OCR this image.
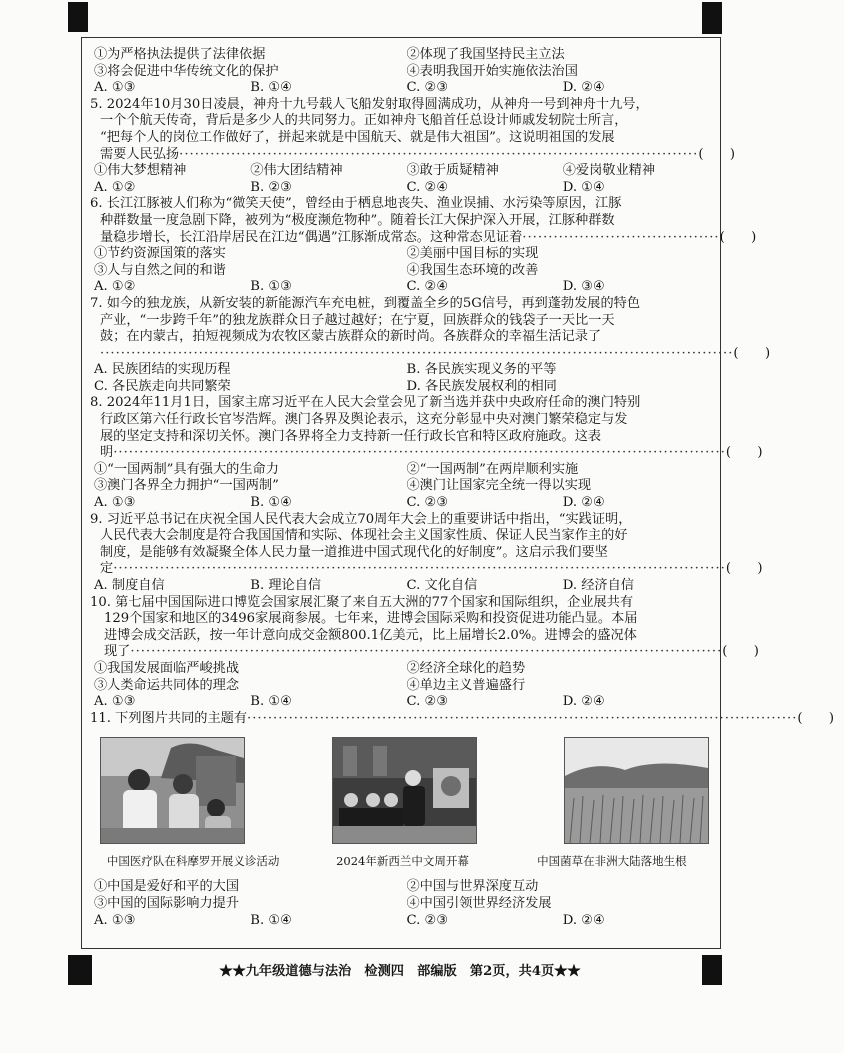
①为严格执法提供了法律依据	②体现了我国坚持民主立法
③将会促进中华传统文化的保护	④表明我国开始实施依法治国
A. ①③	B. ①④	C. ②③	D. ②④
5. 2024年10月30日凌晨，神舟十九号载人飞船发射取得圆满成功，从神舟一号到神舟十九号，
一个个航天传奇，背后是多少人的共同努力。正如神舟飞船首任总设计师戚发轫院士所言，
“把每个人的岗位工作做好了，拼起来就是中国航天、就是伟大祖国”。这说明祖国的发展
需要人民弘扬 ···································································································· (　　)
①伟大梦想精神	②伟大团结精神	③敢于质疑精神	④爱岗敬业精神
A. ①②	B. ②③	C. ②④	D. ①④
6. 长江江豚被人们称为“微笑天使”，曾经由于栖息地丧失、渔业误捕、水污染等原因，江豚
种群数量一度急剧下降，被列为“极度濒危物种”。随着长江大保护深入开展，江豚种群数
量稳步增长，长江沿岸居民在江边“偶遇”江豚渐成常态。这种常态见证着 ······································ (　　)
①节约资源国策的落实	②美丽中国目标的实现
③人与自然之间的和谐	④我国生态环境的改善
A. ①②	B. ①③	C. ②④	D. ③④
7. 如今的独龙族，从新安装的新能源汽车充电桩，到覆盖全乡的5G信号，再到蓬勃发展的特色
产业，“一步跨千年”的独龙族群众日子越过越好；在宁夏，回族群众的钱袋子一天比一天
鼓；在内蒙古，拍短视频成为农牧区蒙古族群众的新时尚。各族群众的幸福生活记录了
·························································································································· (　　)
A. 民族团结的实现历程	B. 各民族实现义务的平等
C. 各民族走向共同繁荣	D. 各民族发展权利的相同
8. 2024年11月1日，国家主席习近平在人民大会堂会见了新当选并获中央政府任命的澳门特别
行政区第六任行政长官岑浩辉。澳门各界及舆论表示，这充分彰显中央对澳门繁荣稳定与发
展的坚定支持和深切关怀。澳门各界将全力支持新一任行政长官和特区政府施政。这表
明 ······················································································································ (　　)
①“一国两制”具有强大的生命力	②“一国两制”在两岸顺利实施
③澳门各界全力拥护“一国两制”	④澳门让国家完全统一得以实现
A. ①③	B. ①④	C. ②③	D. ②④
9. 习近平总书记在庆祝全国人民代表大会成立70周年大会上的重要讲话中指出，“实践证明，
人民代表大会制度是符合我国国情和实际、体现社会主义国家性质、保证人民当家作主的好
制度，是能够有效凝聚全体人民力量一道推进中国式现代化的好制度”。这启示我们要坚
定 ······················································································································ (　　)
A. 制度自信	B. 理论自信	C. 文化自信	D. 经济自信
10. 第七届中国国际进口博览会国家展汇聚了来自五大洲的77个国家和国际组织，企业展共有
129个国家和地区的3496家展商参展。七年来，进博会国际采购和投资促进功能凸显。本届
进博会成交活跃，按一年计意向成交金额800.1亿美元，比上届增长2.0%。进博会的盛况体
现了 ·················································································································· (　　)
①我国发展面临严峻挑战	②经济全球化的趋势
③人类命运共同体的理念	④单边主义普遍盛行
A. ①③	B. ①④	C. ②③	D. ②④
11. 下列图片共同的主题有 ·········································································································· (　　)
中国医疗队在科摩罗开展义诊活动	2024年新西兰中文周开幕	中国菌草在非洲大陆落地生根
①中国是爱好和平的大国	②中国与世界深度互动
③中国的国际影响力提升	④中国引领世界经济发展
A. ①③	B. ①④	C. ②③	D. ②④
★★九年级道德与法治　检测四　部编版　第2页，共4页★★
